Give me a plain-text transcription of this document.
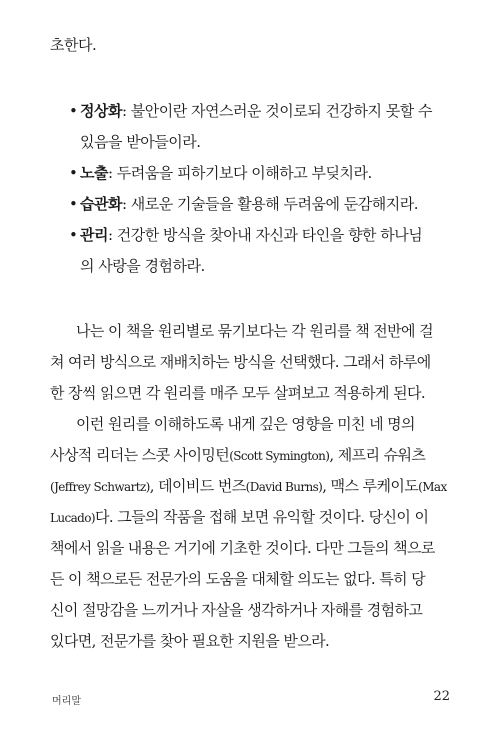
초한다.
• 정상화: 불안이란 자연스러운 것이로되 건강하지 못할 수
있음을 받아들이라.
• 노출: 두려움을 피하기보다 이해하고 부딪치라.
• 습관화: 새로운 기술들을 활용해 두려움에 둔감해지라.
• 관리: 건강한 방식을 찾아내 자신과 타인을 향한 하나님
의 사랑을 경험하라.
나는 이 책을 원리별로 묶기보다는 각 원리를 책 전반에 걸
쳐 여러 방식으로 재배치하는 방식을 선택했다. 그래서 하루에
한 장씩 읽으면 각 원리를 매주 모두 살펴보고 적용하게 된다.
이런 원리를 이해하도록 내게 깊은 영향을 미친 네 명의
사상적 리더는 스콧 사이밍턴(Scott Symington), 제프리 슈워츠
(Jeffrey Schwartz), 데이비드 번즈(David Burns), 맥스 루케이도(Max
Lucado)다. 그들의 작품을 접해 보면 유익할 것이다. 당신이 이
책에서 읽을 내용은 거기에 기초한 것이다. 다만 그들의 책으로
든 이 책으로든 전문가의 도움을 대체할 의도는 없다. 특히 당
신이 절망감을 느끼거나 자살을 생각하거나 자해를 경험하고
있다면, 전문가를 찾아 필요한 지원을 받으라.
머리말	22
